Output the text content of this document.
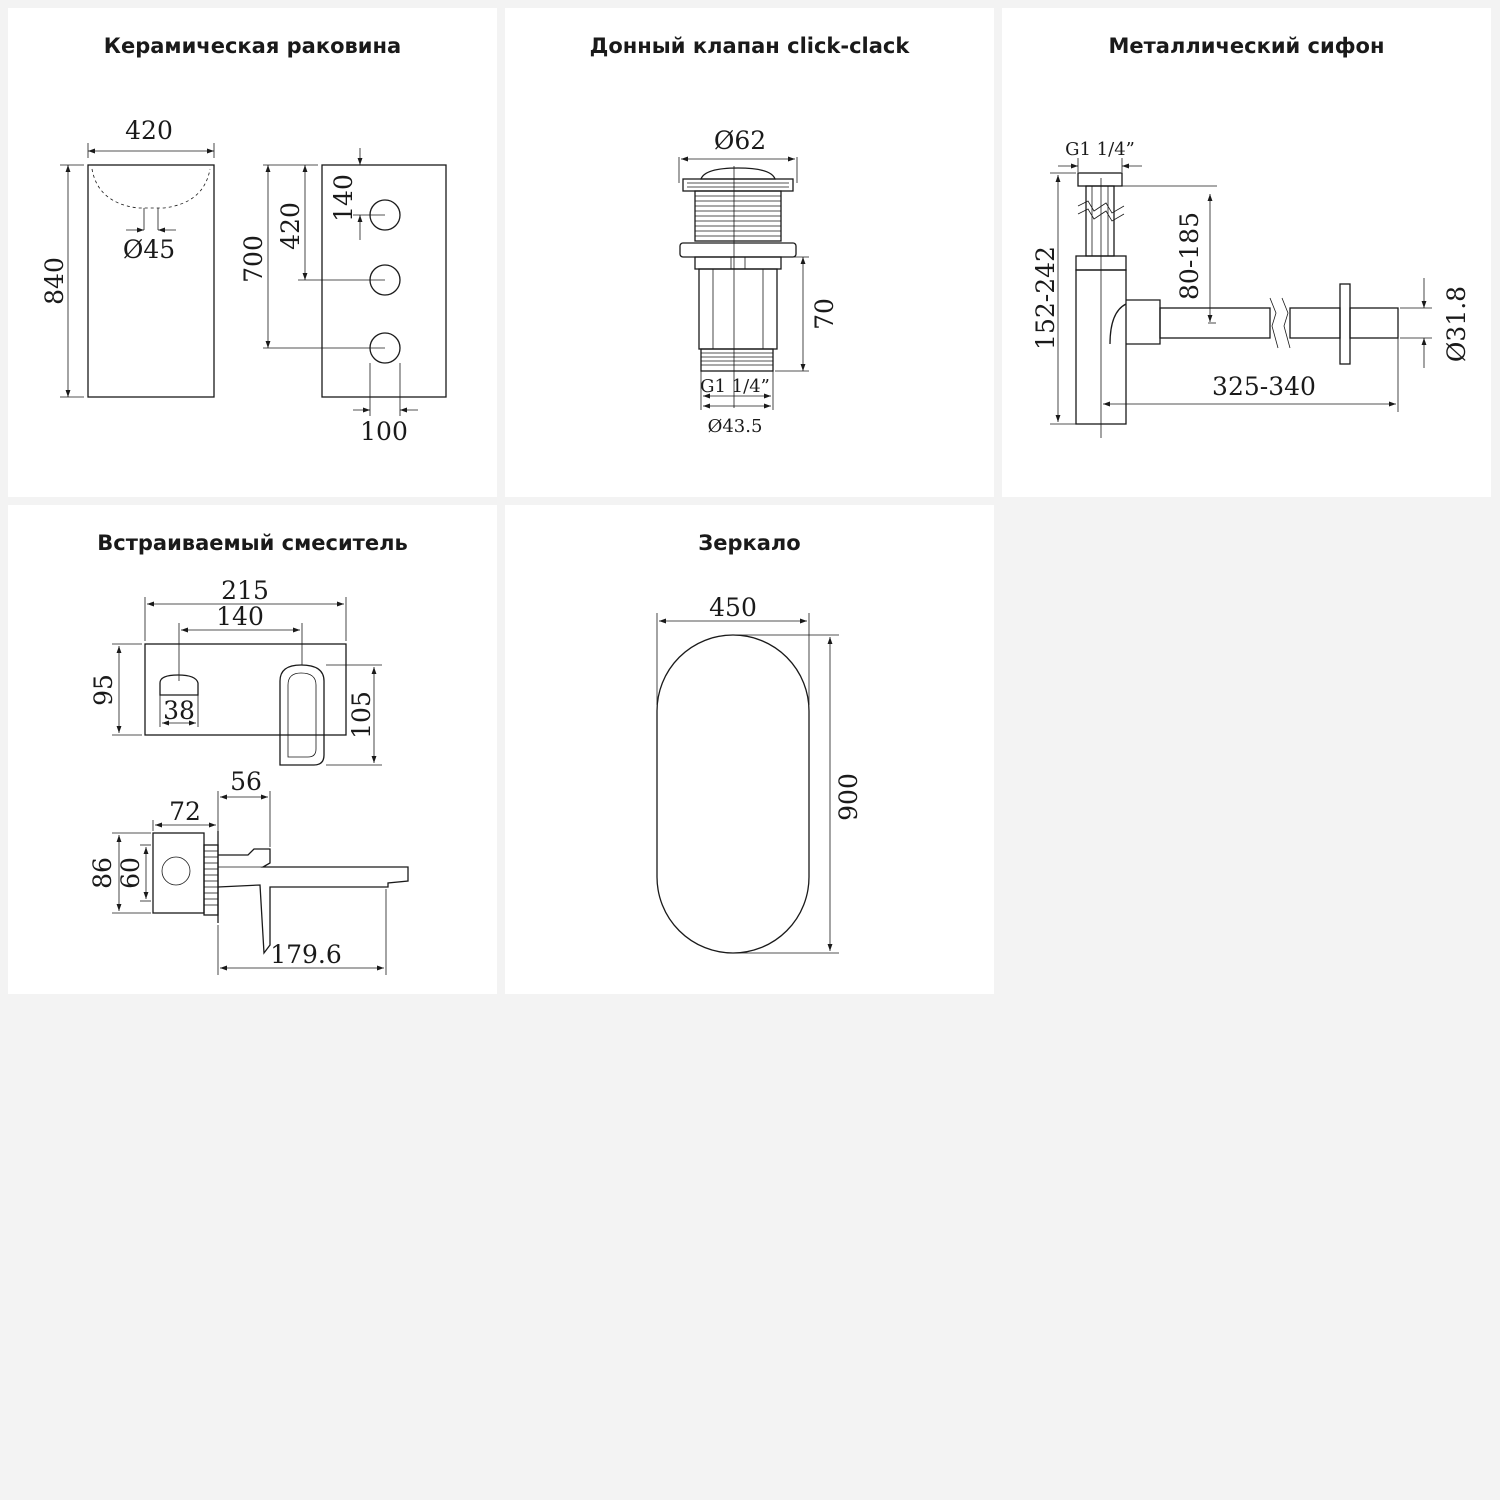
Керамическая раковина
420
Ø45
840	700
420
140
100
Донный клапан click-clack
Ø62
70
G1 1/4”
Ø43.5
Металлический сифон
G1 1/4”
80-185
152-242
325-340
Ø31.8
Встраиваемый смеситель
215
140
95
38	105
72
56
86 60
179.6
Зеркало
450
900
